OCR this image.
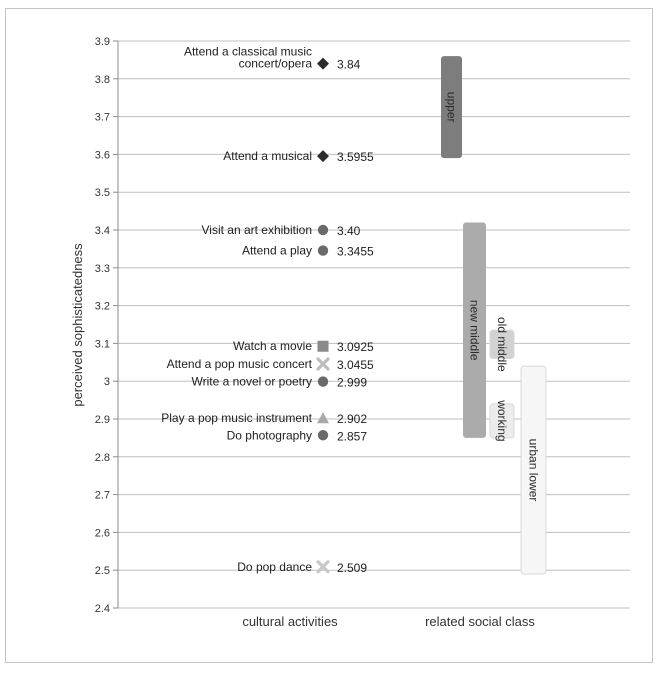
2.4
2.5
2.6
2.7
2.8
2.9
3
3.1
3.2
3.3
3.4
3.5
3.6
3.7
3.8
3.9
perceived sophisticatedness
cultural activities	related social class
upper
new middle old middle
working
urban lower
Attend a classical music
concert/opera 3.84
Attend a musical 3.5955
Visit an art exhibition 3.40
Attend a play 3.3455
Watch a movie 3.0925
Attend a pop music concert 3.0455
Write a novel or poetry 2.999
Play a pop music instrument 2.902
Do photography 2.857
Do pop dance 2.509
